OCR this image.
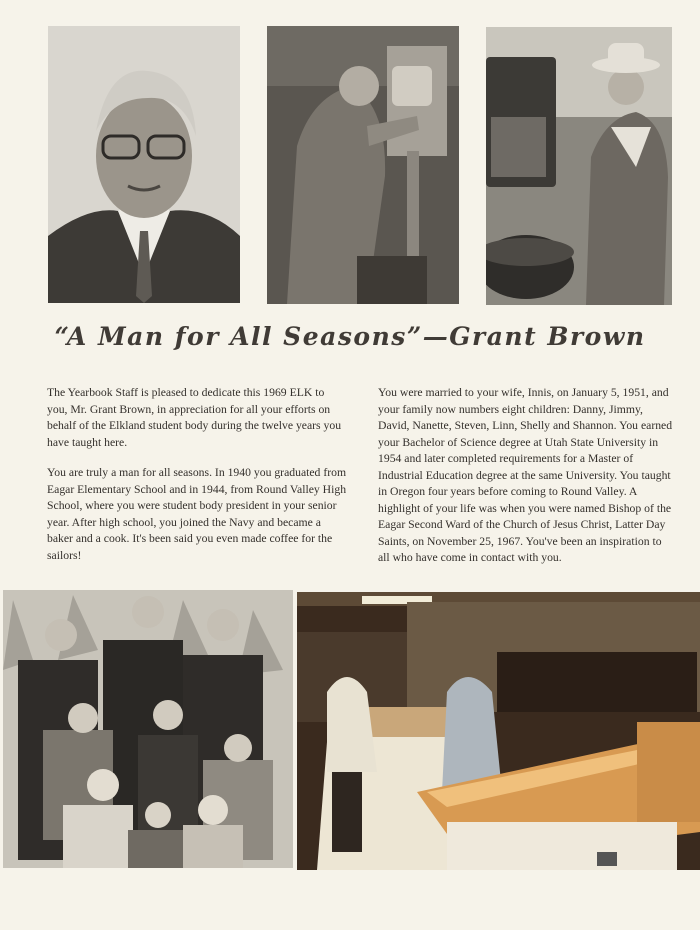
“A Man for All Seasons”—Grant Brown

The Yearbook Staff is pleased to dedicate this 1969 ELK to you, Mr. Grant Brown, in appreciation for all your efforts on behalf of the Elkland student body during the twelve years you have taught here.

You are truly a man for all seasons. In 1940 you graduated from Eagar Elementary School and in 1944, from Round Valley High School, where you were student body president in your senior year. After high school, you joined the Navy and became a baker and a cook. It's been said you even made coffee for the sailors!

You were married to your wife, Innis, on January 5, 1951, and your family now numbers eight children: Danny, Jimmy, David, Nanette, Steven, Linn, Shelly and Shannon. You earned your Bachelor of Science degree at Utah State University in 1954 and later completed requirements for a Master of Industrial Education degree at the same University. You taught in Oregon four years before coming to Round Valley. A highlight of your life was when you were named Bishop of the Eagar Second Ward of the Church of Jesus Christ, Latter Day Saints, on November 25, 1967. You've been an inspiration to all who have come in contact with you.
